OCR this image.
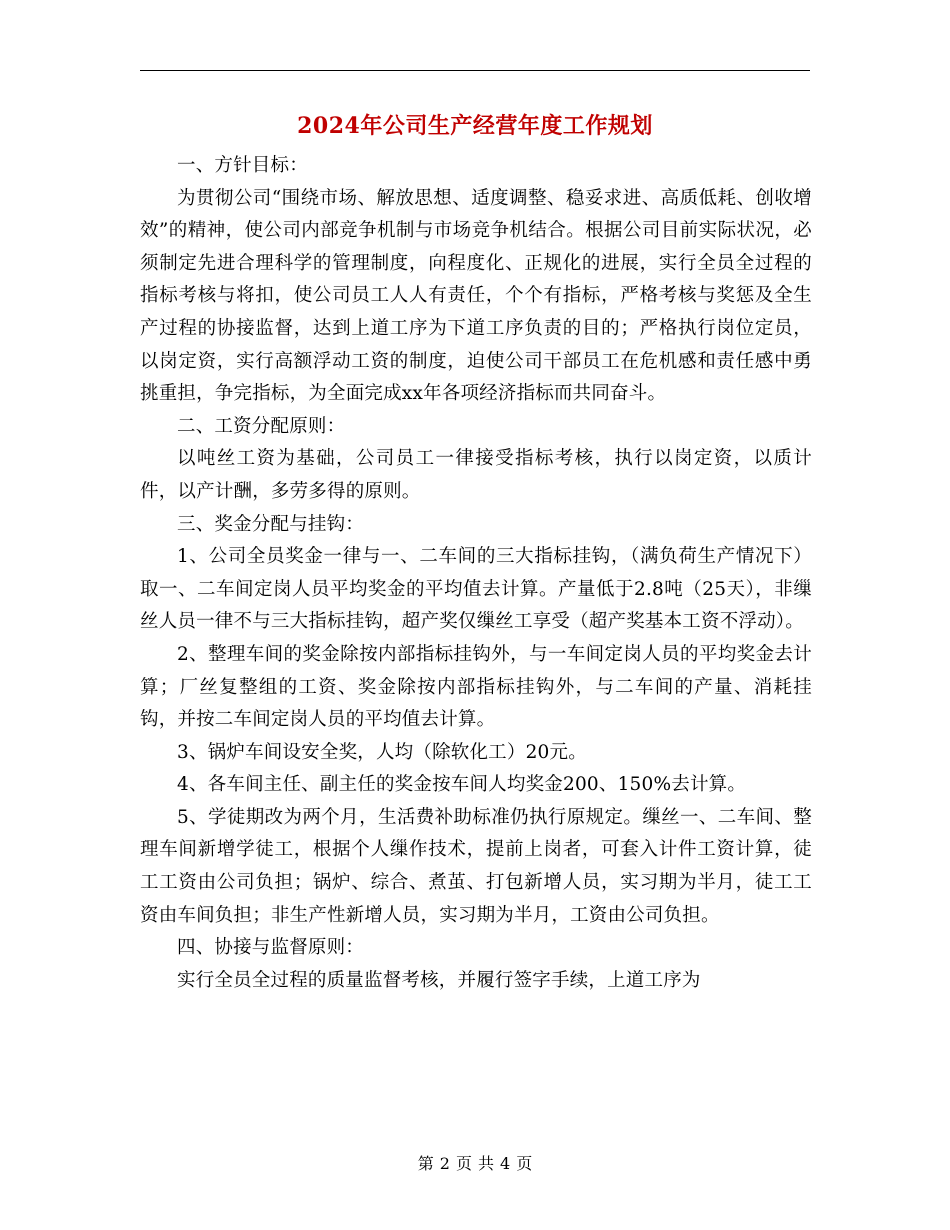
2024年公司生产经营年度工作规划

一、方针目标：

为贯彻公司“围绕市场、解放思想、适度调整、稳妥求进、高质低耗、创收增效”的精神，使公司内部竞争机制与市场竞争机结合。根据公司目前实际状况，必须制定先进合理科学的管理制度，向程度化、正规化的进展，实行全员全过程的指标考核与将扣，使公司员工人人有责任，个个有指标，严格考核与奖惩及全生产过程的协接监督，达到上道工序为下道工序负责的目的；严格执行岗位定员，以岗定资，实行高额浮动工资的制度，迫使公司干部员工在危机感和责任感中勇挑重担，争完指标，为全面完成xx年各项经济指标而共同奋斗。

二、工资分配原则：

以吨丝工资为基础，公司员工一律接受指标考核，执行以岗定资，以质计件，以产计酬，多劳多得的原则。

三、奖金分配与挂钩：

1、公司全员奖金一律与一、二车间的三大指标挂钩，（满负荷生产情况下）取一、二车间定岗人员平均奖金的平均值去计算。产量低于2.8吨（25天），非缫丝人员一律不与三大指标挂钩，超产奖仅缫丝工享受（超产奖基本工资不浮动）。

2、整理车间的奖金除按内部指标挂钩外，与一车间定岗人员的平均奖金去计算；厂丝复整组的工资、奖金除按内部指标挂钩外，与二车间的产量、消耗挂钩，并按二车间定岗人员的平均值去计算。

3、锅炉车间设安全奖，人均（除软化工）20元。

4、各车间主任、副主任的奖金按车间人均奖金200、150%去计算。

5、学徒期改为两个月，生活费补助标准仍执行原规定。缫丝一、二车间、整理车间新增学徒工，根据个人缫作技术，提前上岗者，可套入计件工资计算，徒工工资由公司负担；锅炉、综合、煮茧、打包新增人员，实习期为半月，徒工工资由车间负担；非生产性新增人员，实习期为半月，工资由公司负担。

四、协接与监督原则：

实行全员全过程的质量监督考核，并履行签字手续，上道工序为

第 2 页 共 4 页
